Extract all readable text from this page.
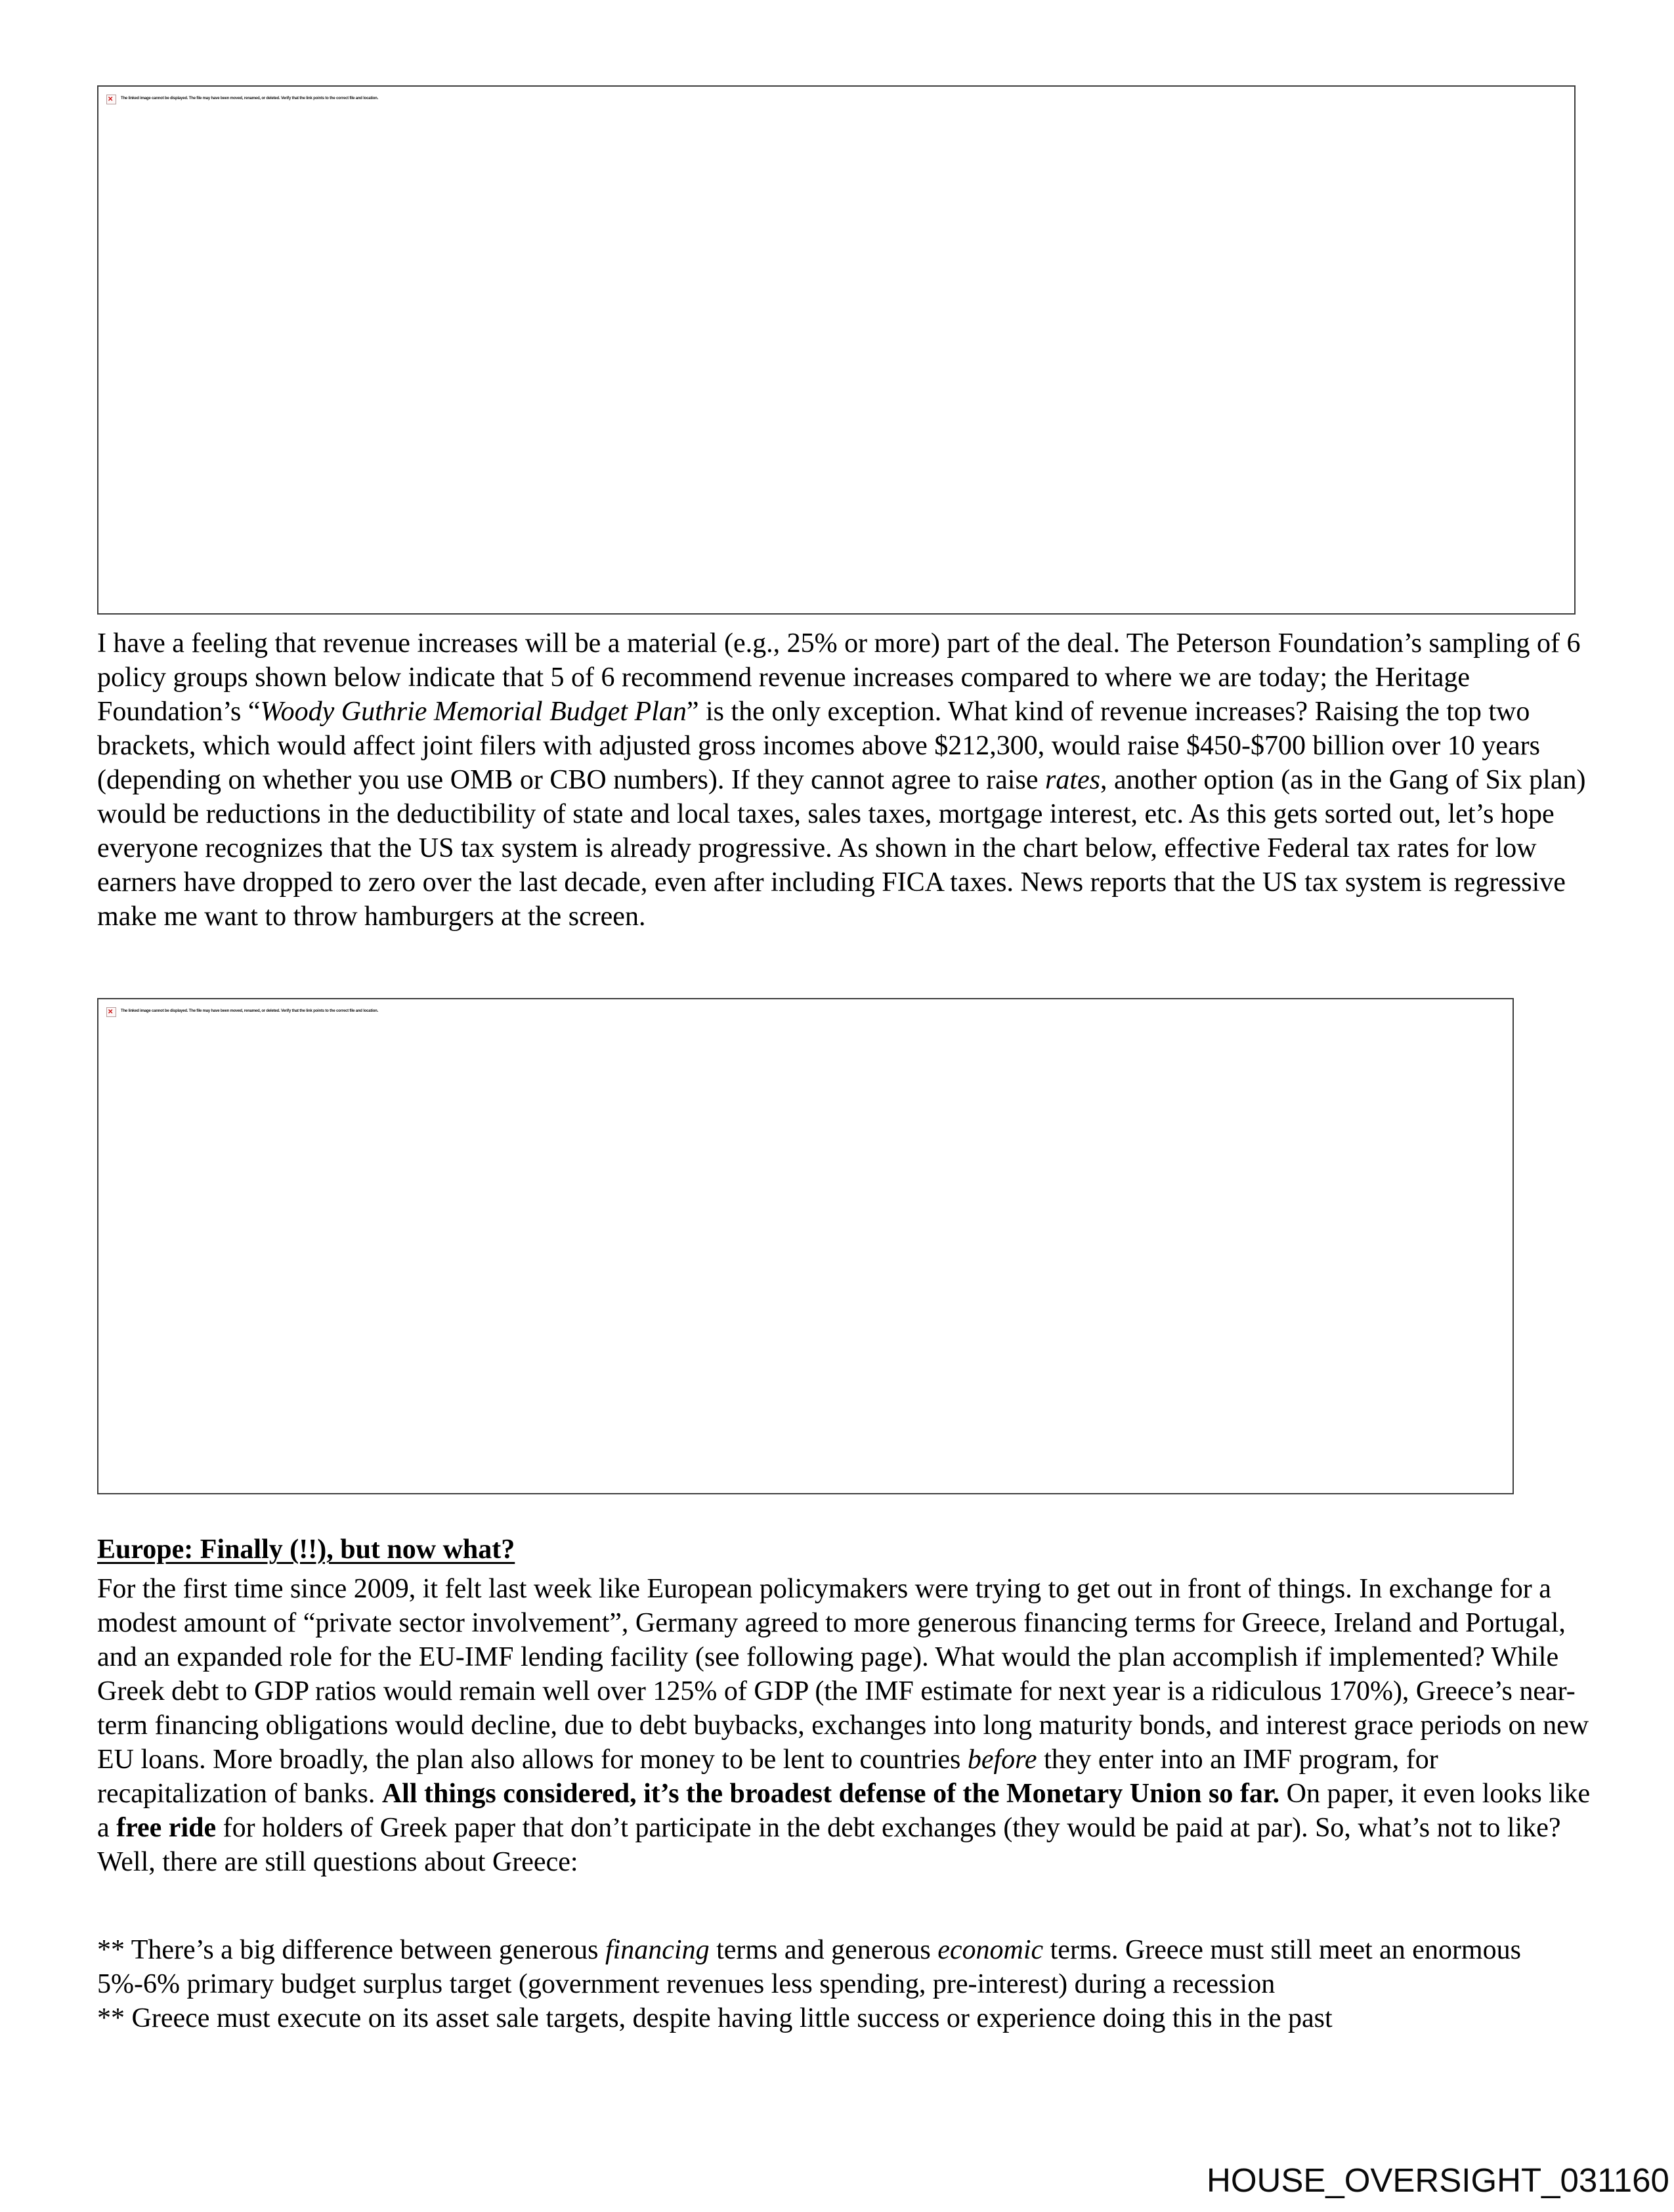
✕
The linked image cannot be displayed. The file may have been moved, renamed, or deleted. Verify that the link points to the correct file and location.
I have a feeling that revenue increases will be a material (e.g., 25% or more) part of the deal. The Peterson Foundation’s sampling of 6 policy groups shown below indicate that 5 of 6 recommend revenue increases compared to where we are today; the Heritage Foundation’s “Woody Guthrie Memorial Budget Plan” is the only exception. What kind of revenue increases? Raising the top two brackets, which would affect joint filers with adjusted gross incomes above $212,300, would raise $450-$700 billion over 10 years (depending on whether you use OMB or CBO numbers). If they cannot agree to raise rates, another option (as in the Gang of Six plan) would be reductions in the deductibility of state and local taxes, sales taxes, mortgage interest, etc. As this gets sorted out, let’s hope everyone recognizes that the US tax system is already progressive. As shown in the chart below, effective Federal tax rates for low earners have dropped to zero over the last decade, even after including FICA taxes. News reports that the US tax system is regressive make me want to throw hamburgers at the screen.
✕
The linked image cannot be displayed. The file may have been moved, renamed, or deleted. Verify that the link points to the correct file and location.
Europe: Finally (!!), but now what?
For the first time since 2009, it felt last week like European policymakers were trying to get out in front of things. In exchange for a modest amount of “private sector involvement”, Germany agreed to more generous financing terms for Greece, Ireland and Portugal, and an expanded role for the EU-IMF lending facility (see following page). What would the plan accomplish if implemented? While Greek debt to GDP ratios would remain well over 125% of GDP (the IMF estimate for next year is a ridiculous 170%), Greece’s near-term financing obligations would decline, due to debt buybacks, exchanges into long maturity bonds, and interest grace periods on new EU loans. More broadly, the plan also allows for money to be lent to countries before they enter into an IMF program, for recapitalization of banks. All things considered, it’s the broadest defense of the Monetary Union so far. On paper, it even looks like a free ride for holders of Greek paper that don’t participate in the debt exchanges (they would be paid at par). So, what’s not to like? Well, there are still questions about Greece:
** There’s a big difference between generous financing terms and generous economic terms. Greece must still meet an enormous 5%-6% primary budget surplus target (government revenues less spending, pre-interest) during a recession
** Greece must execute on its asset sale targets, despite having little success or experience doing this in the past
HOUSE_OVERSIGHT_031160
